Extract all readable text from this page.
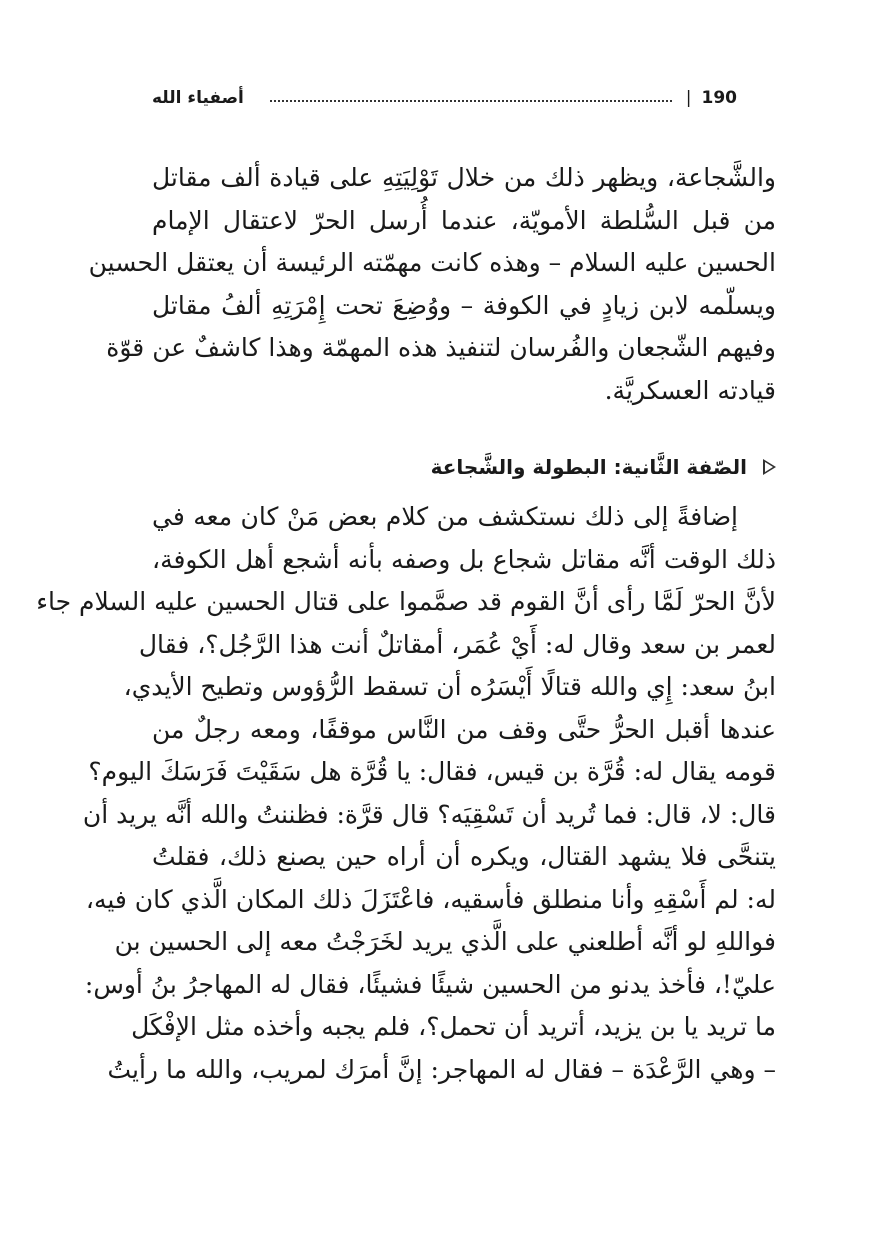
190
|
أصفياء الله
والشَّجاعة، ويظهر ذلك من خلال تَوْلِيَتِهِ على قيادة ألف مقاتل
من قبل السُّلطة الأمويّة، عندما أُرسل الحرّ لاعتقال الإمام
الحسين عليه السلام – وهذه كانت مهمّته الرئيسة أن يعتقل الحسين
ويسلّمه لابن زيادٍ في الكوفة – ووُضِعَ تحت إِمْرَتِهِ ألفُ مقاتل
وفيهم الشّجعان والفُرسان لتنفيذ هذه المهمّة وهذا كاشفٌ عن قوّة
قيادته العسكريَّة.
الصّفة الثَّانية: البطولة والشَّجاعة
إضافةً إلى ذلك نستكشف من كلام بعض مَنْ كان معه في
ذلك الوقت أنَّه مقاتل شجاع بل وصفه بأنه أشجع أهل الكوفة،
لأنَّ الحرّ لَمَّا رأى أنَّ القوم قد صمَّموا على قتال الحسين عليه السلام جاء
لعمر بن سعد وقال له: أَيْ عُمَر، أمقاتلٌ أنت هذا الرَّجُل؟، فقال
ابنُ سعد: إِي والله قتالًا أَيْسَرُه أن تسقط الرُّؤوس وتطيح الأيدي،
عندها أقبل الحرُّ حتَّى وقف من النَّاس موقفًا، ومعه رجلٌ من
قومه يقال له: قُرَّة بن قيس، فقال: يا قُرَّة هل سَقَيْتَ فَرَسَكَ اليوم؟
قال: لا، قال: فما تُريد أن تَسْقِيَه؟ قال قرَّة: فظننتُ والله أنَّه يريد أن
يتنحَّى فلا يشهد القتال، ويكره أن أراه حين يصنع ذلك، فقلتُ
له: لم أَسْقِهِ وأنا منطلق فأسقيه، فاعْتَزَلَ ذلك المكان الَّذي كان فيه،
فواللهِ لو أنَّه أطلعني على الَّذي يريد لخَرَجْتُ معه إلى الحسين بن
عليّ!، فأخذ يدنو من الحسين شيئًا فشيئًا، فقال له المهاجرُ بنُ أوس:
ما تريد يا بن يزيد، أتريد أن تحمل؟، فلم يجبه وأخذه مثل الإفْكَل
– وهي الرَّعْدَة – فقال له المهاجر: إنَّ أمرَك لمريب، والله ما رأيتُ
